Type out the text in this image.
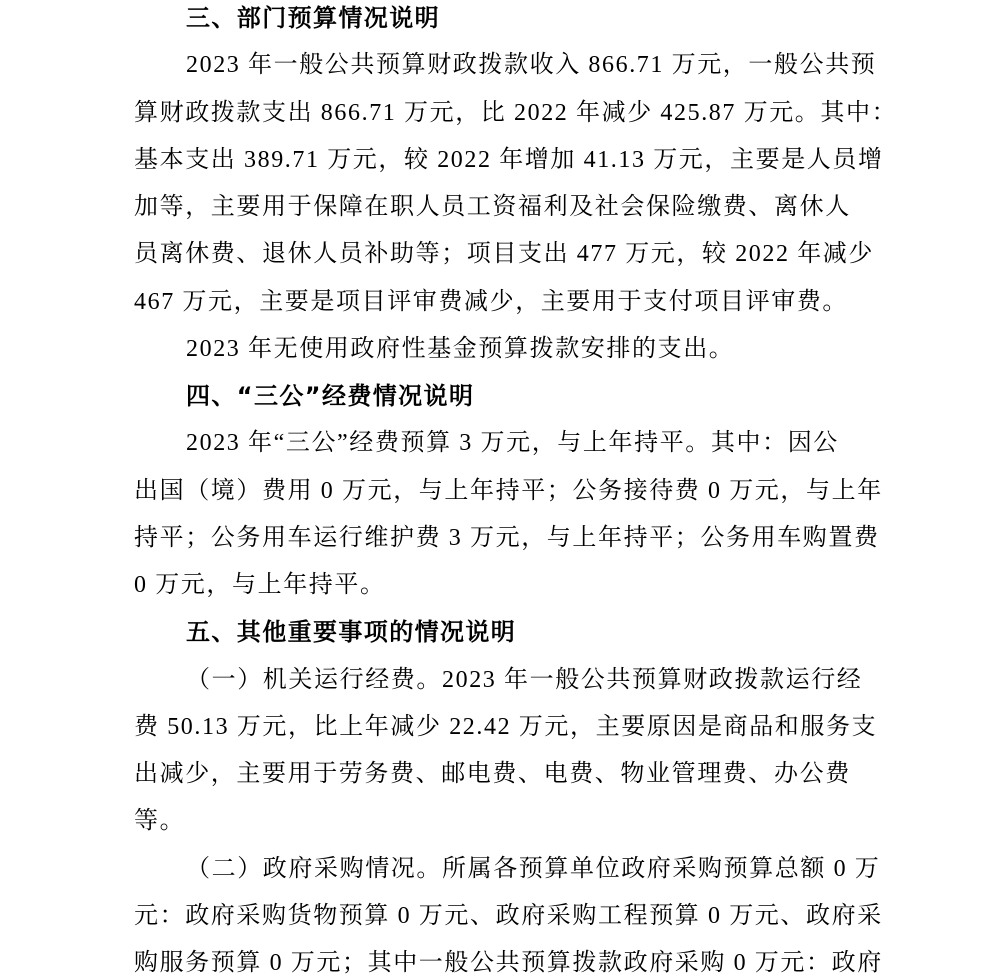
三、部门预算情况说明
2023 年一般公共预算财政拨款收入 866.71 万元，一般公共预
算财政拨款支出 866.71 万元，比 2022 年减少 425.87 万元。其中：
基本支出 389.71 万元，较 2022 年增加 41.13 万元，主要是人员增
加等，主要用于保障在职人员工资福利及社会保险缴费、离休人
员离休费、退休人员补助等；项目支出 477 万元，较 2022 年减少
467 万元，主要是项目评审费减少，主要用于支付项目评审费。
2023 年无使用政府性基金预算拨款安排的支出。
四、“三公”经费情况说明
2023 年“三公”经费预算 3 万元，与上年持平。其中：因公
出国（境）费用 0 万元，与上年持平；公务接待费 0 万元，与上年
持平；公务用车运行维护费 3 万元，与上年持平；公务用车购置费
0 万元，与上年持平。
五、其他重要事项的情况说明
（一）机关运行经费。2023 年一般公共预算财政拨款运行经
费 50.13 万元，比上年减少 22.42 万元，主要原因是商品和服务支
出减少，主要用于劳务费、邮电费、电费、物业管理费、办公费
等。
（二）政府采购情况。所属各预算单位政府采购预算总额 0 万
元：政府采购货物预算 0 万元、政府采购工程预算 0 万元、政府采
购服务预算 0 万元；其中一般公共预算拨款政府采购 0 万元：政府
